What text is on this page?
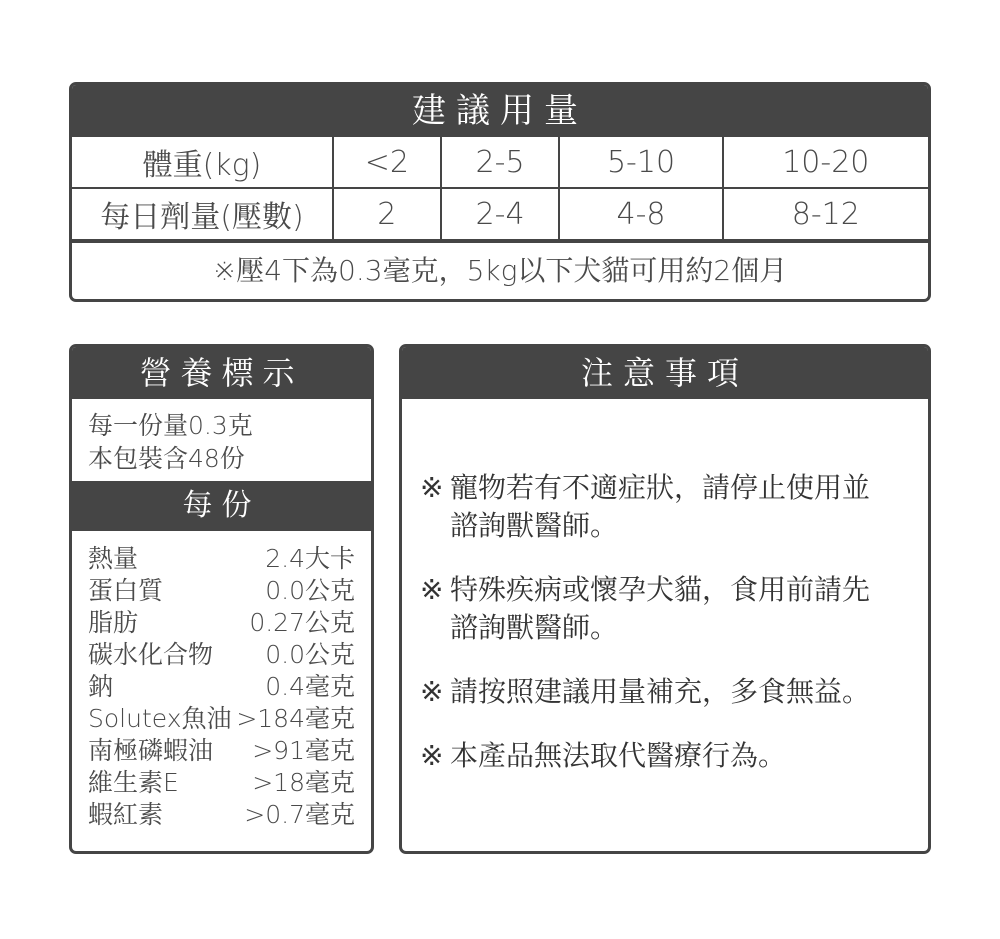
建議用量
體重(kg)	<2	2-5	5-10	10-20
每日劑量(壓數)	2	2-4	4-8	8-12
※壓4下為0.3毫克，5kg以下犬貓可用約2個月
營養標示
每一份量0.3克
本包裝含48份
每份
熱量	2.4大卡
蛋白質	0.0公克
脂肪	0.27公克
碳水化合物 0.0公克
鈉	0.4毫克
Solutex魚油 >184毫克
南極磷蝦油 >91毫克
維生素E	>18毫克
蝦紅素	>0.7毫克
注意事項
※ 寵物若有不適症狀，請停止使用並
諮詢獸醫師。
※ 特殊疾病或懷孕犬貓，食用前請先
諮詢獸醫師。
※ 請按照建議用量補充，多食無益。
※ 本產品無法取代醫療行為。
